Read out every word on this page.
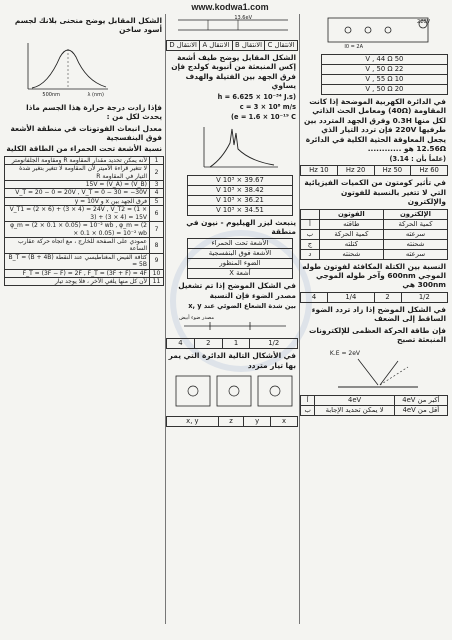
www.kodwa1.com
220V
I0 = 2A
50 V , 44 Ω
22 V , 50 Ω
10 V , 55 Ω
20 V , 50 Ω
في الدائرة الكهربية الموضحة إذا كانت المقاومة (40Ω) ومعامل الحث الذاتي لكل منها 0.3H وفرق الجهد المتردد بين طرفيها 220V فإن تردد التيار الذي يجعل المعاوقة الحثية الكلية في الدائرة 12.56Ω هو ............
(علماً بأن : 3.14)
60 Hz	50 Hz	20 Hz	10 Hz
في تأثير كومتون من الكميات الفيزيائية التي لا تتغير بالنسبة للفوتون والإلكترون
الإلكترون	الفوتون	
كمية الحركة	طاقته	أ
سرعته	كمية الحركة	ب
شحنته	كتلته	ج
سرعته	شحنته	د
النسبة بين الكتلة المكافئة لفوتون طوله الموجي 600nm وآخر طوله الموجي 300nm هي
1/2	2	1/4	4
في الشكل الموضح إذا زاد تردد الضوء الساقط إلى الضعف
فإن طاقة الحركة العظمى للإلكترونات المنبعثة تصبح
K.E = 2eV
أكبر من 4eV	4eV	أ
أقل من 4eV	لا يمكن تحديد الإجابة	ب
13.6eV
الانتقال C	الانتقال B	الانتقال A	الانتقال D
الشكل المقابل يوضح طيف أشعة إكس المنبعثة من أنبوبة كولدج فإن فرق الجهد بين الفتيلة والهدف يساوي
(h = 6.625 × 10⁻³⁴ J.s
c = 3 × 10⁸ m/s
e = 1.6 × 10⁻¹⁹ C)
39.67 × 10³ V
38.42 × 10³ V
36.21 × 10³ V
34.51 × 10³ V
ينبعث ليزر الهيليوم - نيون في منطقة
الأشعة تحت الحمراء
الأشعة فوق البنفسجية
الضوء المنظور
أشعة X
في الشكل الموضح إذا تم تشغيل مصدر الضوء فإن النسبة
بين شدة الشعاع الضوئي عند x, y
مصدر ضوء أبيض
1/2	1	2	4
في الأشكال التالية الدائرة التي يمر بها تيار متردد
x	y	z	x, y
الشكل المقابل يوضح منحنى بلانك لجسم أسود ساخن
500nm	λ (nm)
فإذا زادت درجة حرارة هذا الجسم ماذا يحدث لكل من :
معدل انبعاث الفوتونات في منطقة الأشعة فوق البنفسجية
نسبة الأشعة تحت الحمراء من الطاقة الكلية
1	لأنه يمكن تحديد مقدار المقاومة R ومقاومة الجلفانومتر
2	لا تتغير قراءة الأميتر لأن المقاومة لا تتغير بتغير شدة التيار في المقاومة R
3	(V_B) = (V_A) = 15V
4	V_T = 20 − 0 = 20V , V_T = 0 − 30 = −30V
5	فرق الجهد بين x و y = 10V
6	V_T1 = (2 × 6) + (3 × 4) = 24V , V_T2 = (1 × 3) + (3 × 4) = 15V
7	φ_m = (2 × 0.1 × 0.05) = 10⁻² wb , φ_m = (2 × 0.1 × 0.05) = 10⁻² wb
8	عمودي على الصفحة للخارج ، مع اتجاه حركة عقارب الساعة
9	كثافة الفيض المغناطيسي عند النقطة B_T = (B + 4B) = 5B
10	F_T = (3F − F) = 2F , F_T = (3F + F) = 4F
11	لأن كل منها يلغي الآخر ، فلا يوجد تيار
